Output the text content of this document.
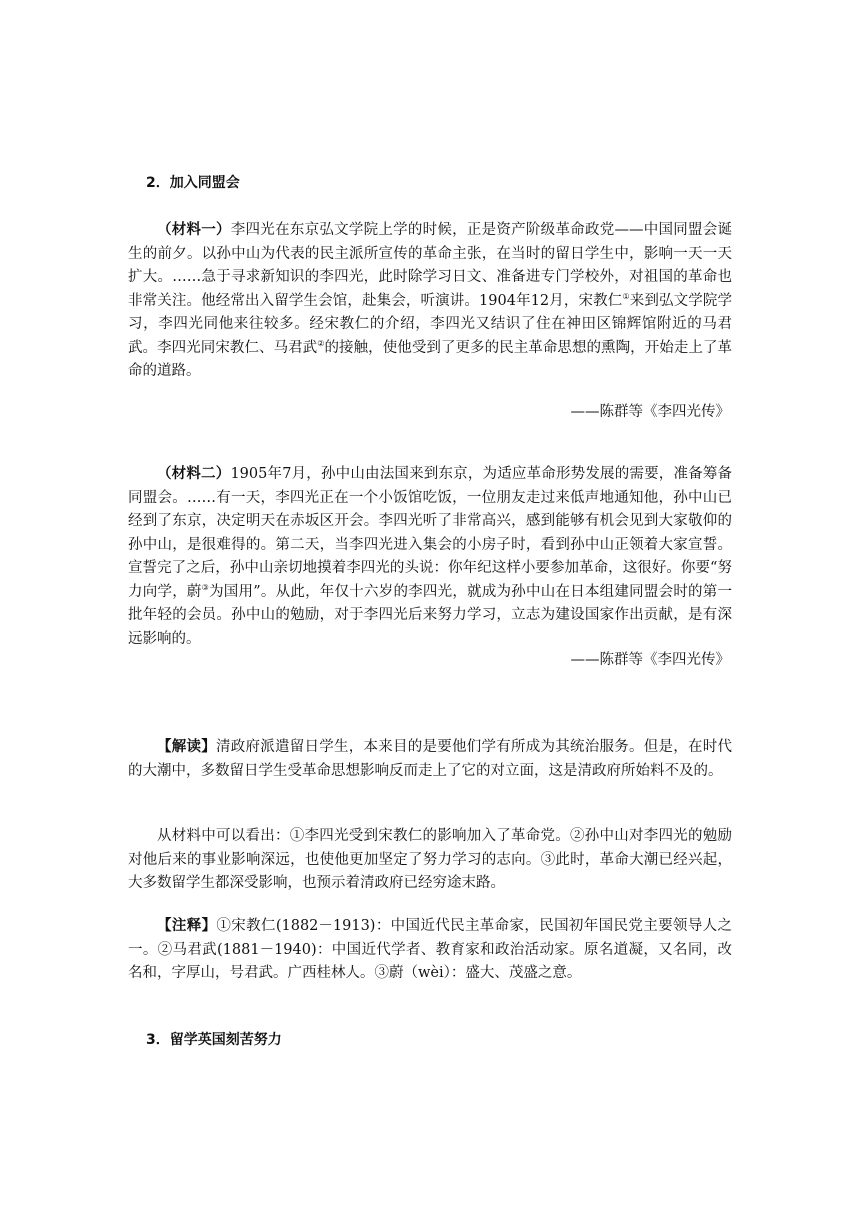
2．加入同盟会

（材料一）李四光在东京弘文学院上学的时候，正是资产阶级革命政党——中国同盟会诞生的前夕。以孙中山为代表的民主派所宣传的革命主张，在当时的留日学生中，影响一天一天扩大。……急于寻求新知识的李四光，此时除学习日文、准备进专门学校外，对祖国的革命也非常关注。他经常出入留学生会馆，赴集会，听演讲。1904年12月，宋教仁①来到弘文学院学习，李四光同他来往较多。经宋教仁的介绍，李四光又结识了住在神田区锦辉馆附近的马君武。李四光同宋教仁、马君武②的接触，使他受到了更多的民主革命思想的熏陶，开始走上了革命的道路。

——陈群等《李四光传》

（材料二）1905年7月，孙中山由法国来到东京，为适应革命形势发展的需要，准备筹备同盟会。……有一天，李四光正在一个小饭馆吃饭，一位朋友走过来低声地通知他，孙中山已经到了东京，决定明天在赤坂区开会。李四光听了非常高兴，感到能够有机会见到大家敬仰的孙中山，是很难得的。第二天，当李四光进入集会的小房子时，看到孙中山正领着大家宣誓。宣誓完了之后，孙中山亲切地摸着李四光的头说：你年纪这样小要参加革命，这很好。你要“努力向学，蔚③为国用”。从此，年仅十六岁的李四光，就成为孙中山在日本组建同盟会时的第一批年轻的会员。孙中山的勉励，对于李四光后来努力学习，立志为建设国家作出贡献，是有深远影响的。

——陈群等《李四光传》

【解读】清政府派遣留日学生，本来目的是要他们学有所成为其统治服务。但是，在时代的大潮中，多数留日学生受革命思想影响反而走上了它的对立面，这是清政府所始料不及的。

从材料中可以看出：①李四光受到宋教仁的影响加入了革命党。②孙中山对李四光的勉励对他后来的事业影响深远，也使他更加坚定了努力学习的志向。③此时，革命大潮已经兴起，大多数留学生都深受影响，也预示着清政府已经穷途末路。

【注释】①宋教仁(1882－1913)：中国近代民主革命家，民国初年国民党主要领导人之一。②马君武(1881－1940)：中国近代学者、教育家和政治活动家。原名道凝，又名同，改名和，字厚山，号君武。广西桂林人。③蔚（wèi）：盛大、茂盛之意。

3．留学英国刻苦努力
